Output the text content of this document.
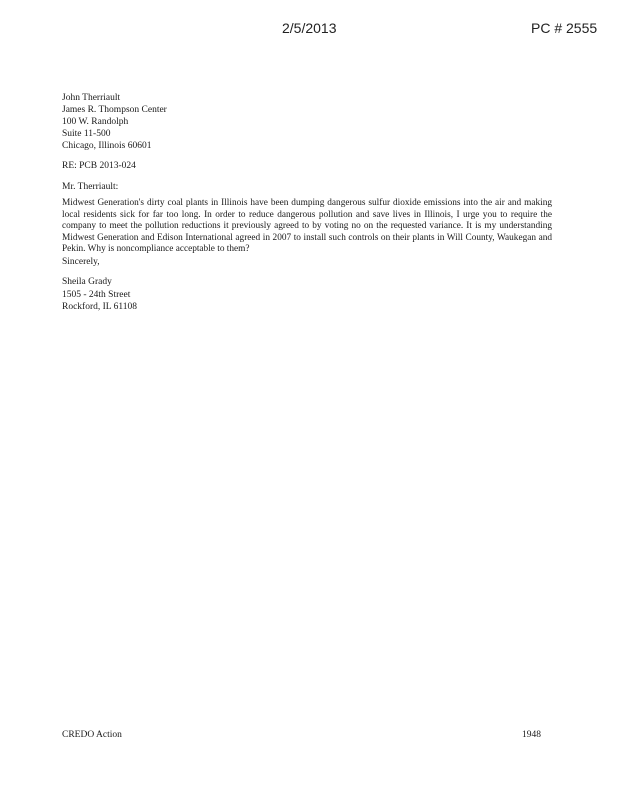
2/5/2013	PC # 2555
John Therriault
James R. Thompson Center
100 W. Randolph
Suite 11-500
Chicago, Illinois 60601
RE: PCB 2013-024
Mr. Therriault:
Midwest Generation's dirty coal plants in Illinois have been dumping dangerous sulfur dioxide emissions into the air and making local residents sick for far too long. In order to reduce dangerous pollution and save lives in Illinois, I urge you to require the company to meet the pollution reductions it previously agreed to by voting no on the requested variance. It is my understanding Midwest Generation and Edison International agreed in 2007 to install such controls on their plants in Will County, Waukegan and Pekin. Why is noncompliance acceptable to them?
Sincerely,
Sheila Grady
1505 - 24th Street
Rockford, IL 61108
CREDO Action	1948
